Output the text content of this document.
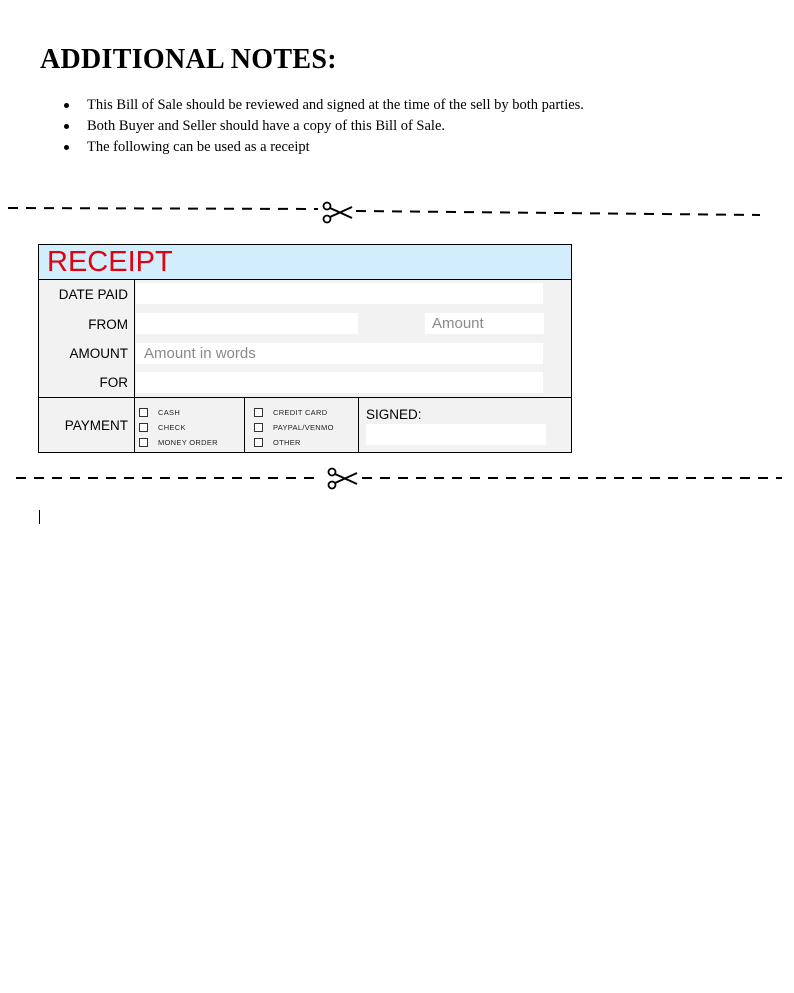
ADDITIONAL NOTES:
This Bill of Sale should be reviewed and signed at the time of the sell by both parties.
Both Buyer and Seller should have a copy of this Bill of Sale.
The following can be used as a receipt
RECEIPT
DATE PAID
FROM	Amount
AMOUNT	Amount in words
FOR
PAYMENT
CASH
CHECK
MONEY ORDER
CREDIT CARD
PAYPAL/VENMO
OTHER
SIGNED:
